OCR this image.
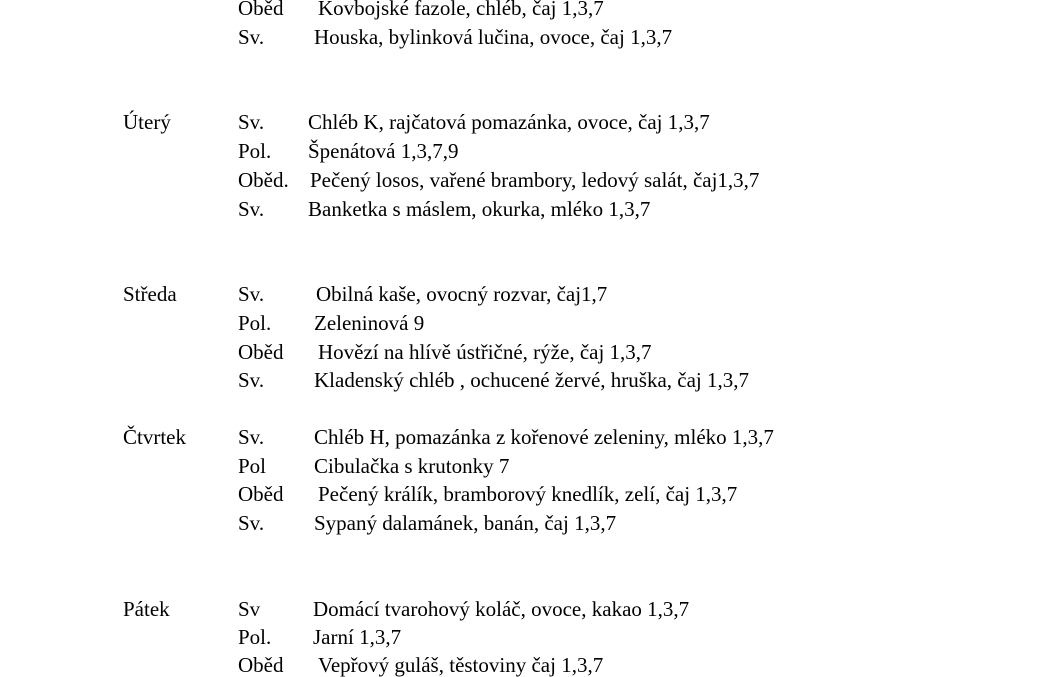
Oběd Kovbojské fazole, chléb, čaj 1,3,7
Sv. Houska, bylinková lučina, ovoce, čaj 1,3,7
Úterý	Sv. Chléb K, rajčatová pomazánka, ovoce, čaj 1,3,7
Pol. Špenátová 1,3,7,9
Oběd. Pečený losos, vařené brambory, ledový salát, čaj1,3,7
Sv. Banketka s máslem, okurka, mléko 1,3,7
Středa	Sv. Obilná kaše, ovocný rozvar, čaj1,7
Pol. Zeleninová 9
Oběd Hovězí na hlívě ústřičné, rýže, čaj 1,3,7
Sv. Kladenský chléb , ochucené žervé, hruška, čaj 1,3,7
Čtvrtek Sv. Chléb H, pomazánka z kořenové zeleniny, mléko 1,3,7
Pol Cibulačka s krutonky 7
Oběd Pečený králík, bramborový knedlík, zelí, čaj 1,3,7
Sv. Sypaný dalamánek, banán, čaj 1,3,7
Pátek	Sv	Domácí tvarohový koláč, ovoce, kakao 1,3,7
Pol. Jarní 1,3,7
Oběd Vepřový guláš, těstoviny čaj 1,3,7
